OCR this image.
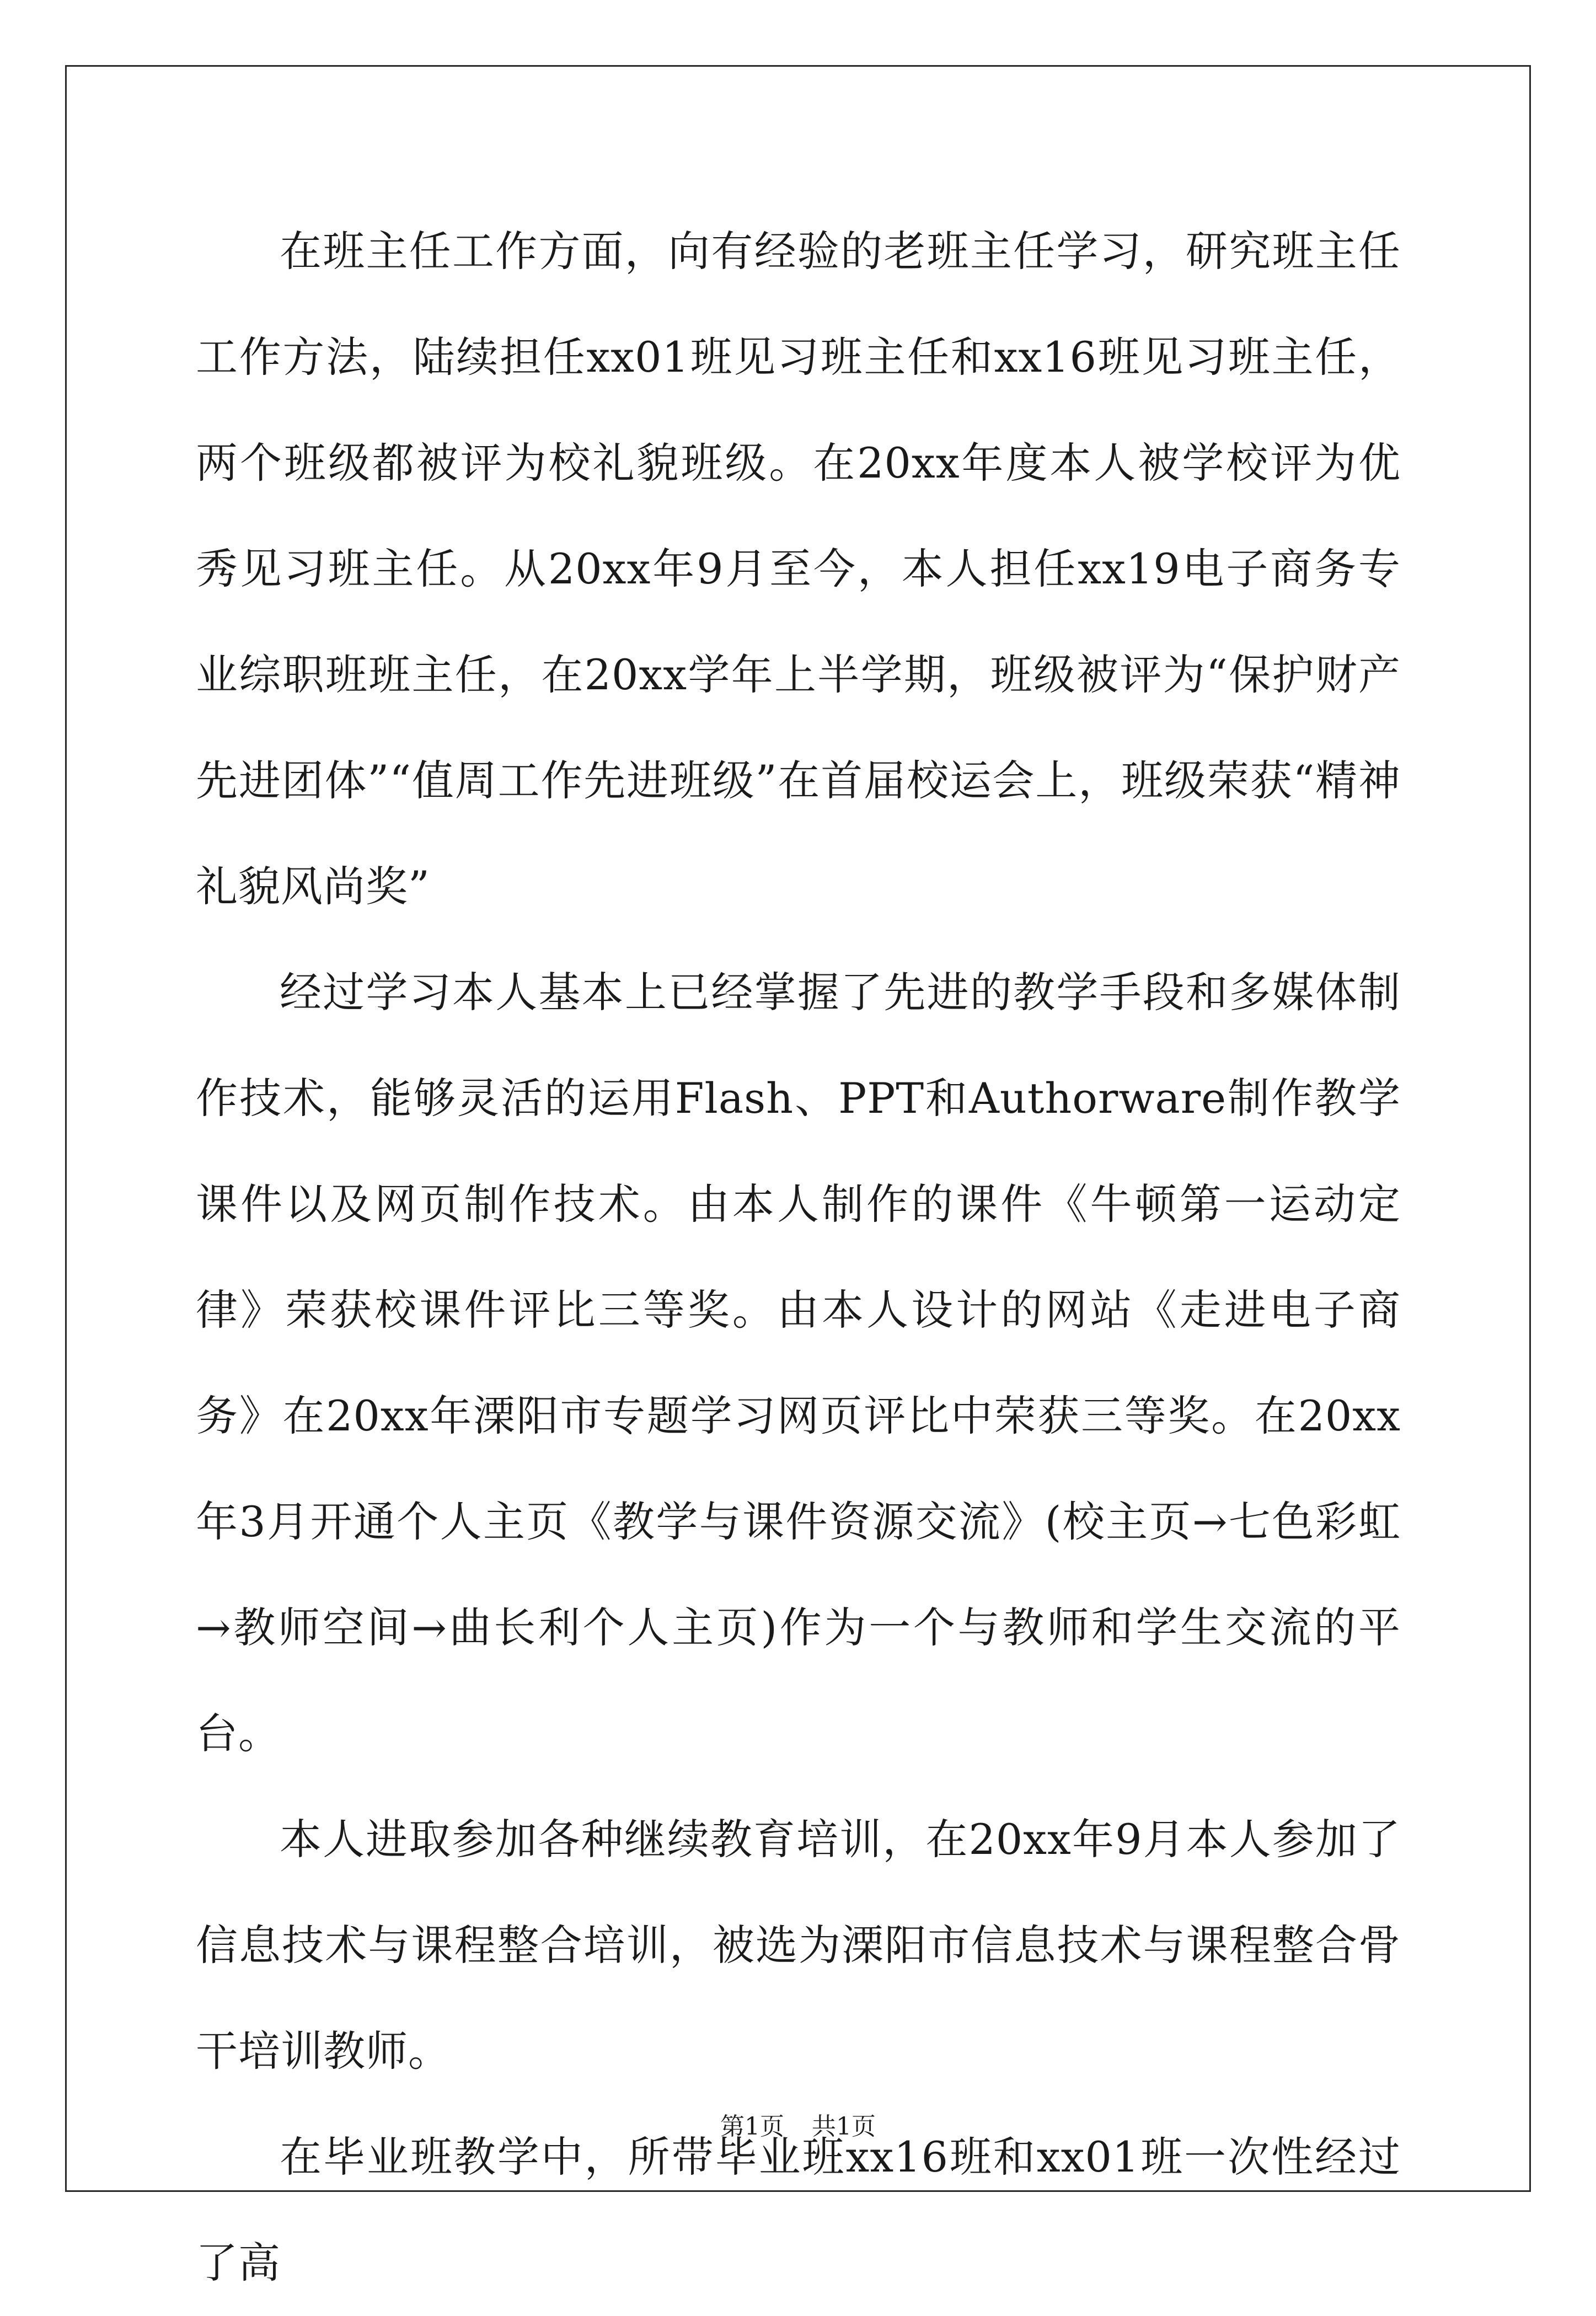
在班主任工作方面，向有经验的老班主任学习，研究班主任工作方法，陆续担任xx01班见习班主任和xx16班见习班主任，两个班级都被评为校礼貌班级。在20xx年度本人被学校评为优秀见习班主任。从20xx年9月至今，本人担任xx19电子商务专业综职班班主任，在20xx学年上半学期，班级被评为“保护财产先进团体”“值周工作先进班级”在首届校运会上，班级荣获“精神礼貌风尚奖”

经过学习本人基本上已经掌握了先进的教学手段和多媒体制作技术，能够灵活的运用Flash、PPT和Authorware制作教学课件以及网页制作技术。由本人制作的课件《牛顿第一运动定律》荣获校课件评比三等奖。由本人设计的网站《走进电子商务》在20xx年溧阳市专题学习网页评比中荣获三等奖。在20xx年3月开通个人主页《教学与课件资源交流》(校主页→七色彩虹→教师空间→曲长利个人主页)作为一个与教师和学生交流的平台。

本人进取参加各种继续教育培训，在20xx年9月本人参加了信息技术与课程整合培训，被选为溧阳市信息技术与课程整合骨干培训教师。

在毕业班教学中，所带毕业班xx16班和xx01班一次性经过了高

第1页 共1页
